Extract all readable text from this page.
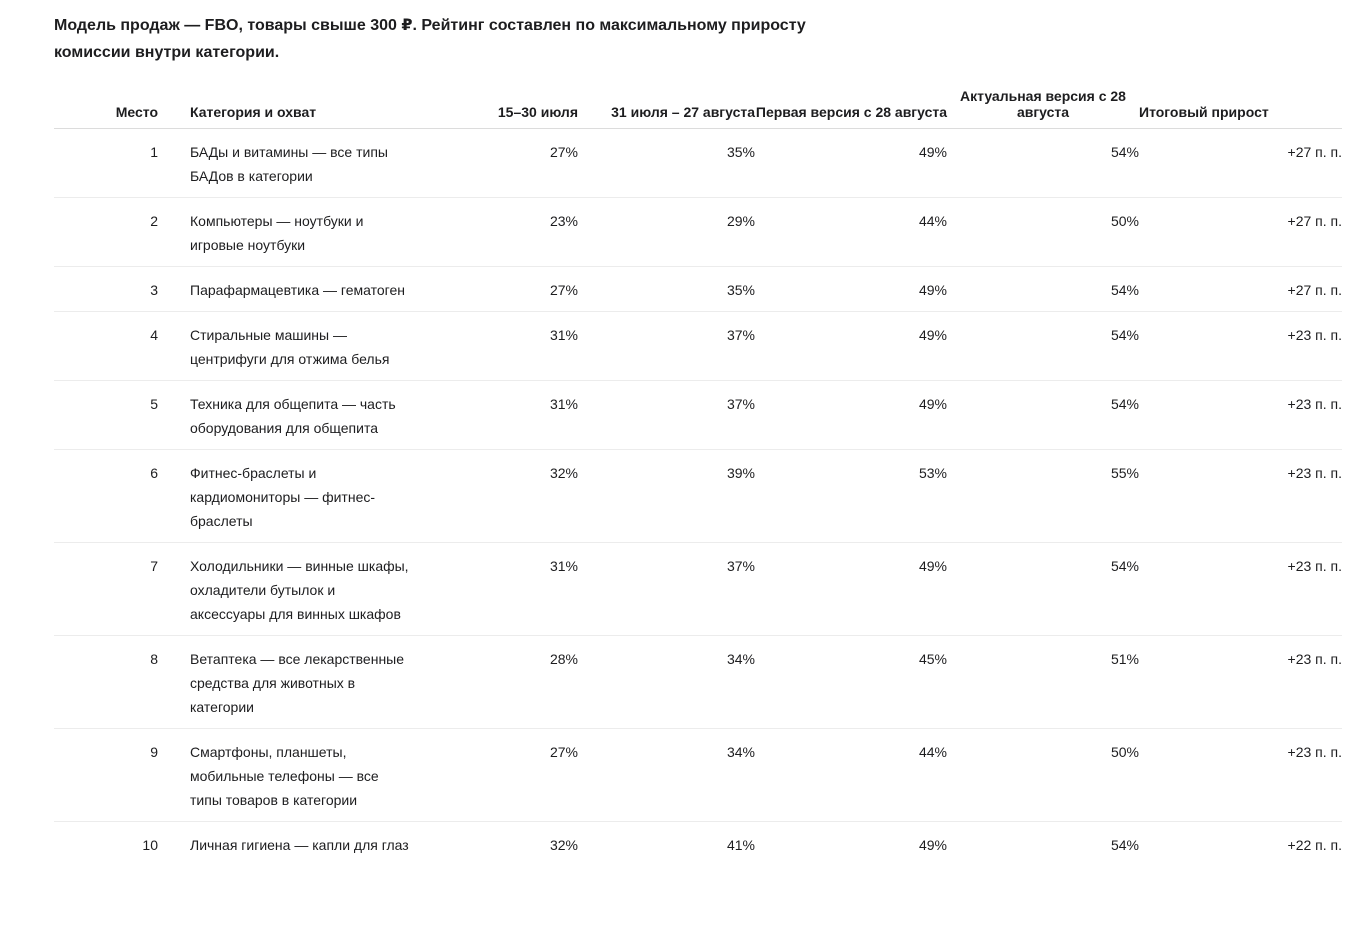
Модель продаж — FBO, товары свыше 300 ₽. Рейтинг составлен по максимальному приросту комиссии внутри категории.
Место	Категория и охват	15–30 июля	31 июля – 27 августа	Первая версия с 28 августа	Актуальная версия с 28 августа	Итоговый прирост
1	БАДы и витамины — все типы БАДов в категории	27%	35%	49%	54%	+27 п. п.
2	Компьютеры — ноутбуки и игровые ноутбуки	23%	29%	44%	50%	+27 п. п.
3	Парафармацевтика — гематоген	27%	35%	49%	54%	+27 п. п.
4	Стиральные машины — центрифуги для отжима белья	31%	37%	49%	54%	+23 п. п.
5	Техника для общепита — часть оборудования для общепита	31%	37%	49%	54%	+23 п. п.
6	Фитнес-браслеты и кардиомониторы — фитнес-браслеты	32%	39%	53%	55%	+23 п. п.
7	Холодильники — винные шкафы, охладители бутылок и аксессуары для винных шкафов	31%	37%	49%	54%	+23 п. п.
8	Ветаптека — все лекарственные средства для животных в категории	28%	34%	45%	51%	+23 п. п.
9	Смартфоны, планшеты, мобильные телефоны — все типы товаров в категории	27%	34%	44%	50%	+23 п. п.
10	Личная гигиена — капли для глаз	32%	41%	49%	54%	+22 п. п.
